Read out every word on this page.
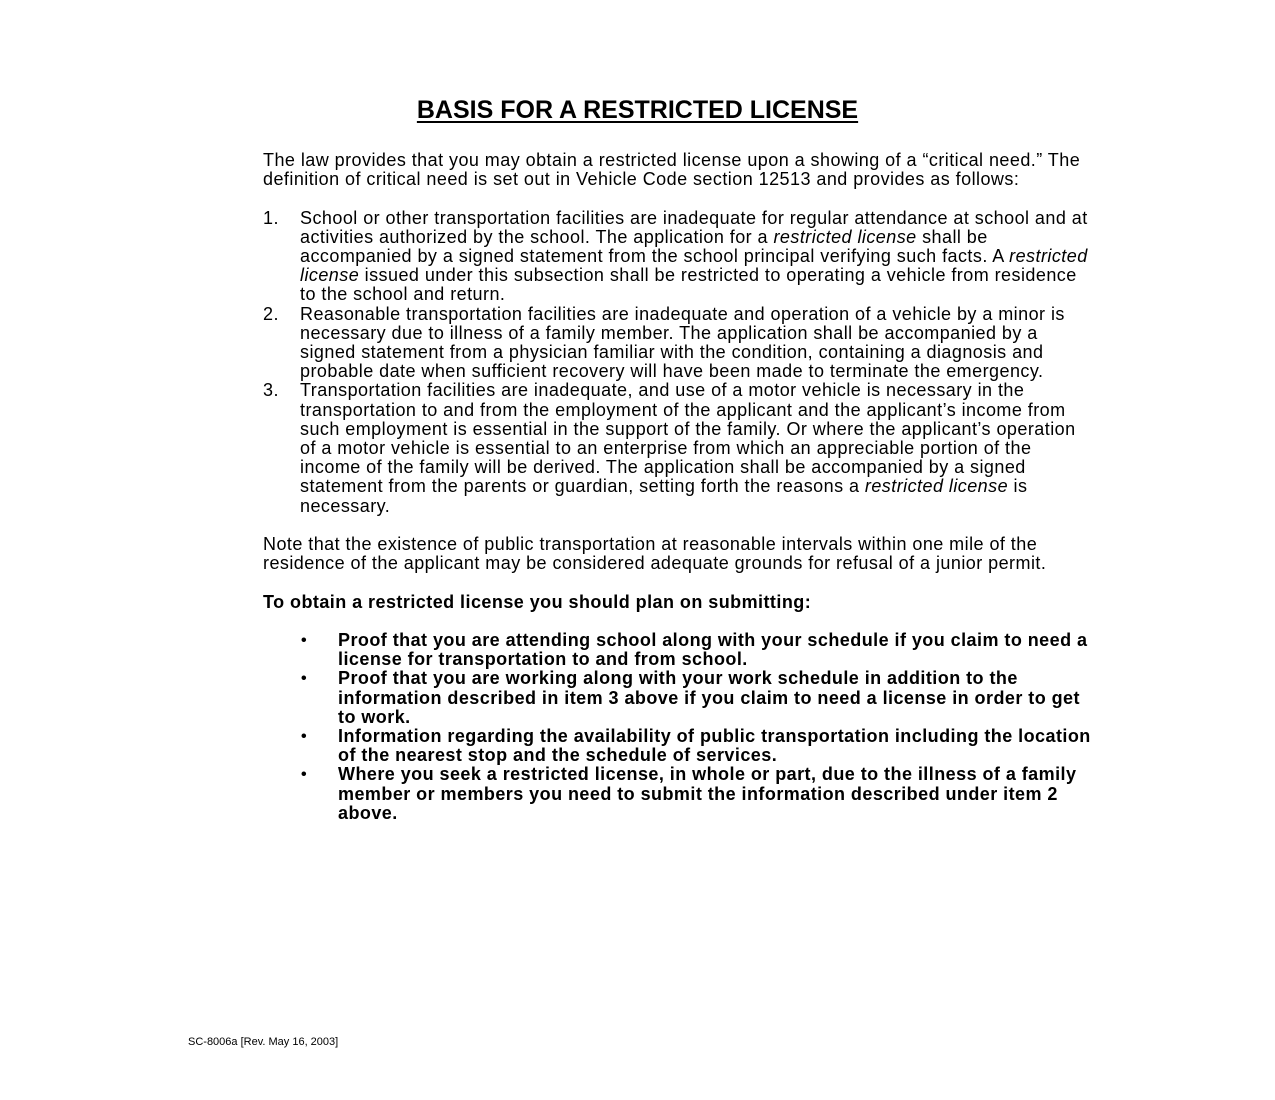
BASIS FOR A RESTRICTED LICENSE

The law provides that you may obtain a restricted license upon a showing of a “critical need.” The definition of critical need is set out in Vehicle Code section 12513 and provides as follows:

1. School or other transportation facilities are inadequate for regular attendance at school and at activities authorized by the school. The application for a restricted license shall be accompanied by a signed statement from the school principal verifying such facts. A restricted license issued under this subsection shall be restricted to operating a vehicle from residence to the school and return.
2. Reasonable transportation facilities are inadequate and operation of a vehicle by a minor is necessary due to illness of a family member. The application shall be accompanied by a signed statement from a physician familiar with the condition, containing a diagnosis and probable date when sufficient recovery will have been made to terminate the emergency.
3. Transportation facilities are inadequate, and use of a motor vehicle is necessary in the transportation to and from the employment of the applicant and the applicant’s income from such employment is essential in the support of the family. Or where the applicant’s operation of a motor vehicle is essential to an enterprise from which an appreciable portion of the income of the family will be derived. The application shall be accompanied by a signed statement from the parents or guardian, setting forth the reasons a restricted license is necessary.

Note that the existence of public transportation at reasonable intervals within one mile of the residence of the applicant may be considered adequate grounds for refusal of a junior permit.

To obtain a restricted license you should plan on submitting:

• Proof that you are attending school along with your schedule if you claim to need a license for transportation to and from school.
• Proof that you are working along with your work schedule in addition to the information described in item 3 above if you claim to need a license in order to get to work.
• Information regarding the availability of public transportation including the location of the nearest stop and the schedule of services.
• Where you seek a restricted license, in whole or part, due to the illness of a family member or members you need to submit the information described under item 2 above.
SC-8006a [Rev. May 16, 2003]
